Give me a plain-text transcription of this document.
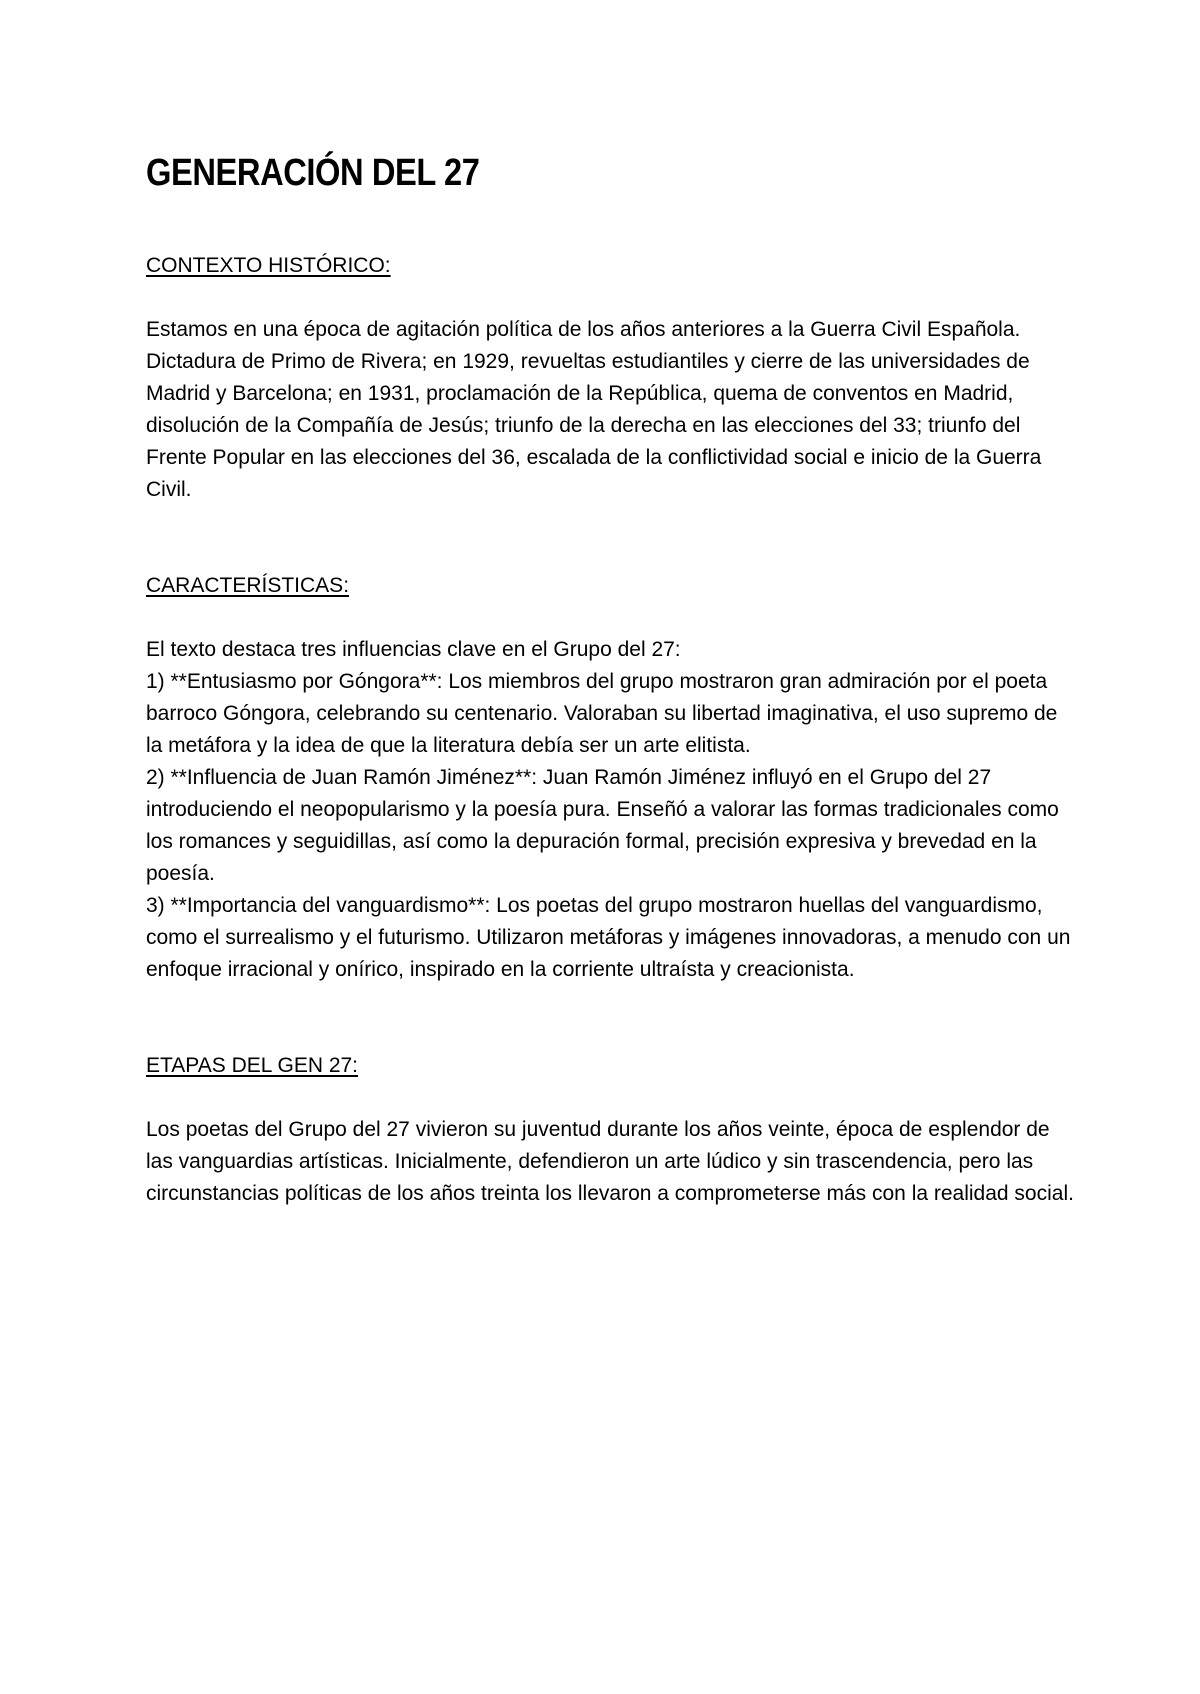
GENERACIÓN DEL 27
CONTEXTO HISTÓRICO:

Estamos en una época de agitación política de los años anteriores a la Guerra Civil Española. Dictadura de Primo de Rivera; en 1929, revueltas estudiantiles y cierre de las universidades de Madrid y Barcelona; en 1931, proclamación de la República, quema de conventos en Madrid, disolución de la Compañía de Jesús; triunfo de la derecha en las elecciones del 33; triunfo del Frente Popular en las elecciones del 36, escalada de la conflictividad social e inicio de la Guerra Civil.

CARACTERÍSTICAS:

El texto destaca tres influencias clave en el Grupo del 27:

1) **Entusiasmo por Góngora**: Los miembros del grupo mostraron gran admiración por el poeta barroco Góngora, celebrando su centenario. Valoraban su libertad imaginativa, el uso supremo de la metáfora y la idea de que la literatura debía ser un arte elitista.

2) **Influencia de Juan Ramón Jiménez**: Juan Ramón Jiménez influyó en el Grupo del 27 introduciendo el neopopularismo y la poesía pura. Enseñó a valorar las formas tradicionales como los romances y seguidillas, así como la depuración formal, precisión expresiva y brevedad en la poesía.

3) **Importancia del vanguardismo**: Los poetas del grupo mostraron huellas del vanguardismo, como el surrealismo y el futurismo. Utilizaron metáforas y imágenes innovadoras, a menudo con un enfoque irracional y onírico, inspirado en la corriente ultraísta y creacionista.

ETAPAS DEL GEN 27:

Los poetas del Grupo del 27 vivieron su juventud durante los años veinte, época de esplendor de las vanguardias artísticas. Inicialmente, defendieron un arte lúdico y sin trascendencia, pero las circunstancias políticas de los años treinta los llevaron a comprometerse más con la realidad social.
